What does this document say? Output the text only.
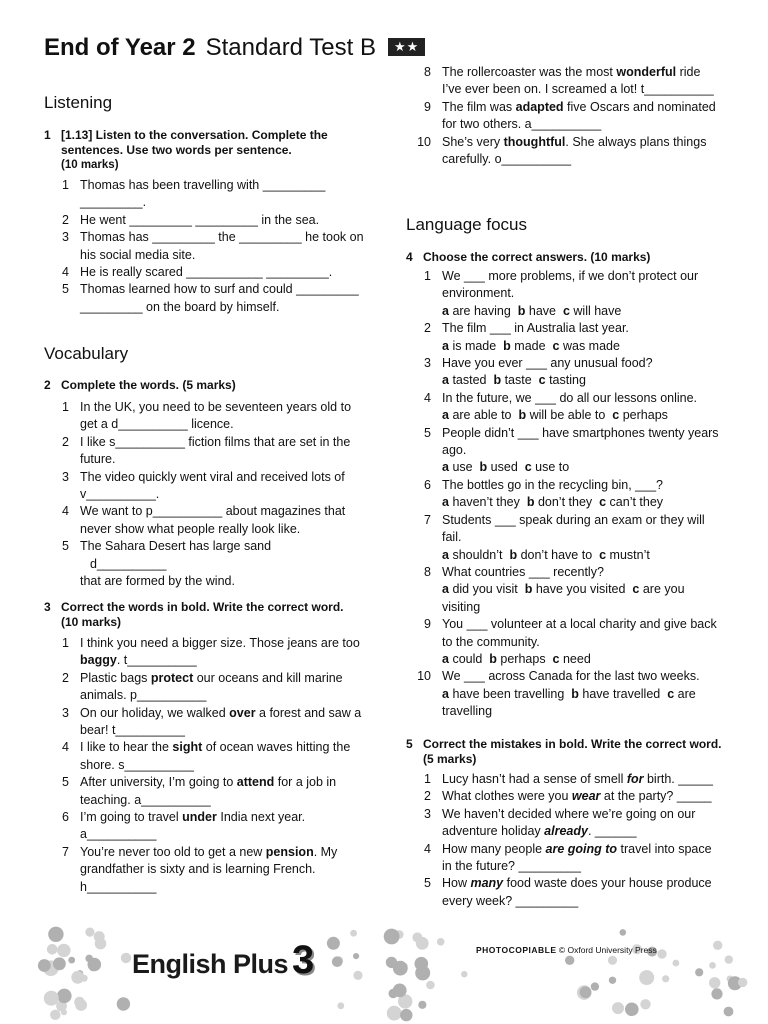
End of Year 2 Standard Test B ★★
Listening
1 [1.13] Listen to the conversation. Complete the sentences. Use two words per sentence.
(10 marks)
1 Thomas has been travelling with _________ _________.
2 He went _________ _________ in the sea.
3 Thomas has _________ the _________ he took on his social media site.
4 He is really scared ___________ _________.
5 Thomas learned how to surf and could _________ _________ on the board by himself.
Vocabulary
2 Complete the words. (5 marks)
1 In the UK, you need to be seventeen years old to get a d__________ licence.
2 I like s__________ fiction films that are set in the future.
3 The video quickly went viral and received lots of v__________.
4 We want to p__________ about magazines that never show what people really look like.
5 The Sahara Desert has large sand
d__________
that are formed by the wind.
3 Correct the words in bold. Write the correct word.
(10 marks)
1 I think you need a bigger size. Those jeans are too baggy. t__________
2 Plastic bags protect our oceans and kill marine animals. p__________
3 On our holiday, we walked over a forest and saw a bear! t__________
4 I like to hear the sight of ocean waves hitting the shore. s__________
5 After university, I’m going to attend for a job in teaching. a__________
6 I’m going to travel under India next year. a__________
7 You’re never too old to get a new pension. My grandfather is sixty and is learning French. h__________
8 The rollercoaster was the most wonderful ride I’ve ever been on. I screamed a lot! t__________
9 The film was adapted five Oscars and nominated for two others. a__________
10 She’s very thoughtful. She always plans things carefully. o__________
Language focus
4 Choose the correct answers. (10 marks)
1 We ___ more problems, if we don’t protect our environment.
a are having b have c will have
2 The film ___ in Australia last year.
a is made b made c was made
3 Have you ever ___ any unusual food?
a tasted b taste c tasting
4 In the future, we ___ do all our lessons online.
a are able to b will be able to c perhaps
5 People didn’t ___ have smartphones twenty years ago.
a use b used c use to
6 The bottles go in the recycling bin, ___?
a haven’t they b don’t they c can’t they
7 Students ___ speak during an exam or they will fail.
a shouldn’t b don’t have to c mustn’t
8 What countries ___ recently?
a did you visit b have you visited c are you visiting
9 You ___ volunteer at a local charity and give back to the community.
a could b perhaps c need
10 We ___ across Canada for the last two weeks.
a have been travelling b have travelled c are travelling
5 Correct the mistakes in bold. Write the correct word.
(5 marks)
1 Lucy hasn’t had a sense of smell for birth. _____
2 What clothes were you wear at the party? _____
3 We haven’t decided where we’re going on our adventure holiday already. ______
4 How many people are going to travel into space in the future? _________
5 How many food waste does your house produce every week? _________
English Plus 3	PHOTOCOPIABLE © Oxford University Press
